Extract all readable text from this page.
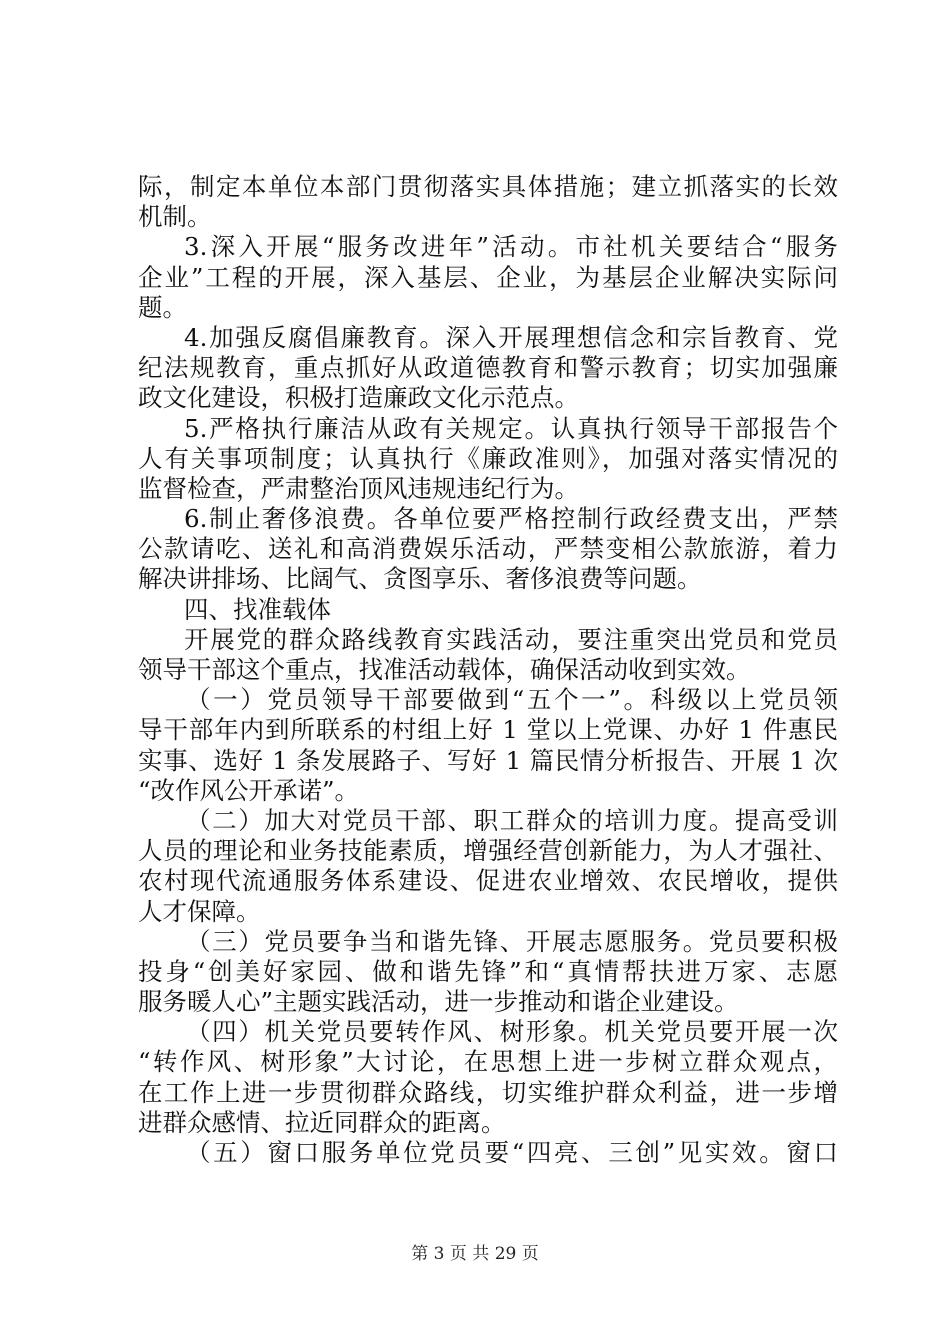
际，制定本单位本部门贯彻落实具体措施；建立抓落实的长效
机制。
3.深入开展“服务改进年”活动。市社机关要结合“服务
企业”工程的开展，深入基层、企业，为基层企业解决实际问
题。
4.加强反腐倡廉教育。深入开展理想信念和宗旨教育、党
纪法规教育，重点抓好从政道德教育和警示教育；切实加强廉
政文化建设，积极打造廉政文化示范点。
5.严格执行廉洁从政有关规定。认真执行领导干部报告个
人有关事项制度；认真执行《廉政准则》，加强对落实情况的
监督检查，严肃整治顶风违规违纪行为。
6.制止奢侈浪费。各单位要严格控制行政经费支出，严禁
公款请吃、送礼和高消费娱乐活动，严禁变相公款旅游，着力
解决讲排场、比阔气、贪图享乐、奢侈浪费等问题。
四、找准载体
开展党的群众路线教育实践活动，要注重突出党员和党员
领导干部这个重点，找准活动载体，确保活动收到实效。
（一）党员领导干部要做到“五个一”。科级以上党员领
导干部年内到所联系的村组上好 1 堂以上党课、办好 1 件惠民
实事、选好 1 条发展路子、写好 1 篇民情分析报告、开展 1 次
“改作风公开承诺”。
（二）加大对党员干部、职工群众的培训力度。提高受训
人员的理论和业务技能素质，增强经营创新能力，为人才强社、
农村现代流通服务体系建设、促进农业增效、农民增收，提供
人才保障。
（三）党员要争当和谐先锋、开展志愿服务。党员要积极
投身“创美好家园、做和谐先锋”和“真情帮扶进万家、志愿
服务暖人心”主题实践活动，进一步推动和谐企业建设。
（四）机关党员要转作风、树形象。机关党员要开展一次
“转作风、树形象”大讨论，在思想上进一步树立群众观点，
在工作上进一步贯彻群众路线，切实维护群众利益，进一步增
进群众感情、拉近同群众的距离。
（五）窗口服务单位党员要“四亮、三创”见实效。窗口
第 3 页 共 29 页
